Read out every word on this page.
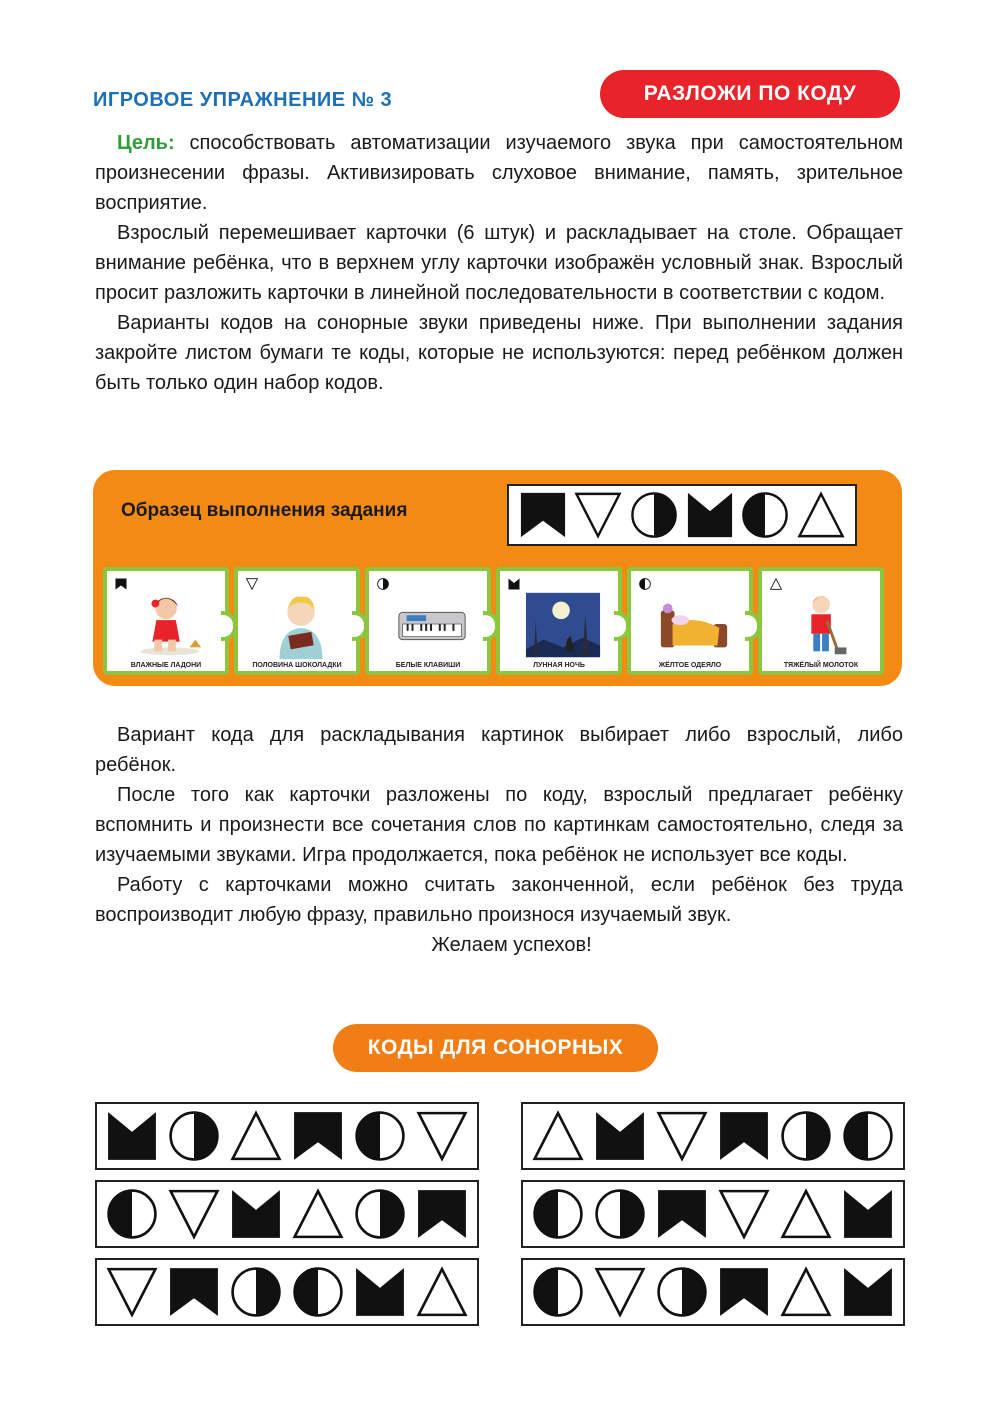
ИГРОВОЕ УПРАЖНЕНИЕ № 3	РАЗЛОЖИ ПО КОДУ

Цель: способствовать автоматизации изучаемого звука при самостоятельном произнесении фразы. Активизировать слуховое внимание, память, зрительное восприятие.

Взрослый перемешивает карточки (6 штук) и раскладывает на столе. Обращает внимание ребёнка, что в верхнем углу карточки изображён условный знак. Взрослый просит разложить карточки в линейной последовательности в соответствии с кодом.

Варианты кодов на сонорные звуки приведены ниже. При выполнении задания закройте листом бумаги те коды, которые не используются: перед ребёнком должен быть только один набор кодов.

Образец выполнения задания
ВЛАЖНЫЕ ЛАДОНИ	ПОЛОВИНА ШОКОЛАДКИ	БЕЛЫЕ КЛАВИШИ	ЛУННАЯ НОЧЬ	ЖЁЛТОЕ ОДЕЯЛО	ТЯЖЁЛЫЙ МОЛОТОК

Вариант кода для раскладывания картинок выбирает либо взрослый, либо ребёнок.

После того как карточки разложены по коду, взрослый предлагает ребёнку вспомнить и произнести все сочетания слов по картинкам самостоятельно, следя за изучаемыми звуками. Игра продолжается, пока ребёнок не использует все коды.

Работу с карточками можно считать законченной, если ребёнок без труда воспроизводит любую фразу, правильно произнося изучаемый звук.

Желаем успехов!

КОДЫ ДЛЯ СОНОРНЫХ
